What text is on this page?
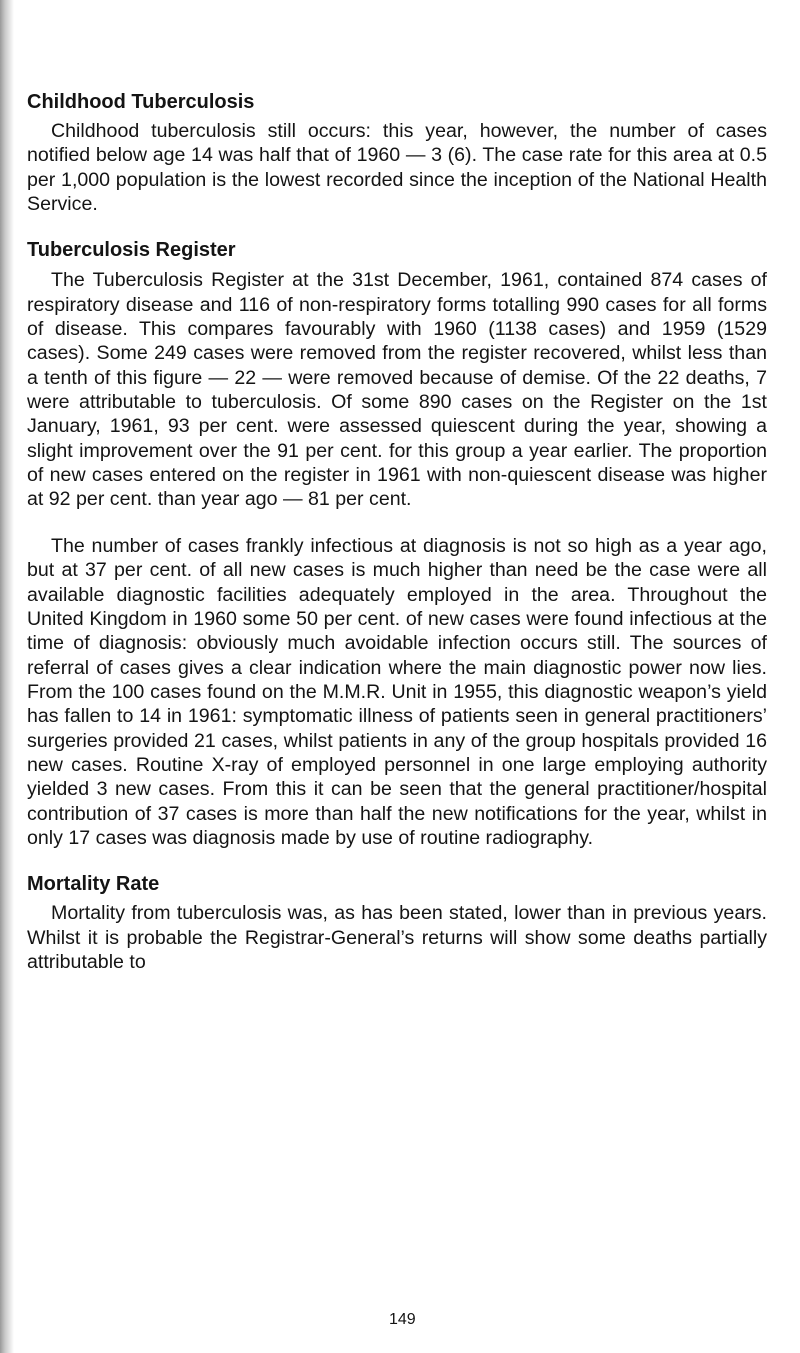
Childhood Tuberculosis

Childhood tuberculosis still occurs: this year, however, the number of cases notified below age 14 was half that of 1960 — 3 (6). The case rate for this area at 0.5 per 1,000 population is the lowest recorded since the inception of the National Health Service.

Tuberculosis Register

The Tuberculosis Register at the 31st December, 1961, contained 874 cases of respiratory disease and 116 of non-respiratory forms totalling 990 cases for all forms of disease. This compares favourably with 1960 (1138 cases) and 1959 (1529 cases). Some 249 cases were removed from the register recovered, whilst less than a tenth of this figure — 22 — were removed because of demise. Of the 22 deaths, 7 were attributable to tuberculosis. Of some 890 cases on the Register on the 1st January, 1961, 93 per cent. were assessed quiescent during the year, showing a slight improvement over the 91 per cent. for this group a year earlier. The proportion of new cases entered on the register in 1961 with non-quiescent disease was higher at 92 per cent. than year ago — 81 per cent.

The number of cases frankly infectious at diagnosis is not so high as a year ago, but at 37 per cent. of all new cases is much higher than need be the case were all available diagnostic facilities adequately employed in the area. Throughout the United Kingdom in 1960 some 50 per cent. of new cases were found infectious at the time of diagnosis: obviously much avoidable infection occurs still. The sources of referral of cases gives a clear indication where the main diagnostic power now lies. From the 100 cases found on the M.M.R. Unit in 1955, this diagnostic weapon’s yield has fallen to 14 in 1961: symptomatic illness of patients seen in general practitioners’ surgeries provided 21 cases, whilst patients in any of the group hospitals provided 16 new cases. Routine X-ray of employed personnel in one large employing authority yielded 3 new cases. From this it can be seen that the general practitioner/hospital contribution of 37 cases is more than half the new notifications for the year, whilst in only 17 cases was diagnosis made by use of routine radiography.

Mortality Rate

Mortality from tuberculosis was, as has been stated, lower than in previous years. Whilst it is probable the Registrar-General’s returns will show some deaths partially attributable to

149
